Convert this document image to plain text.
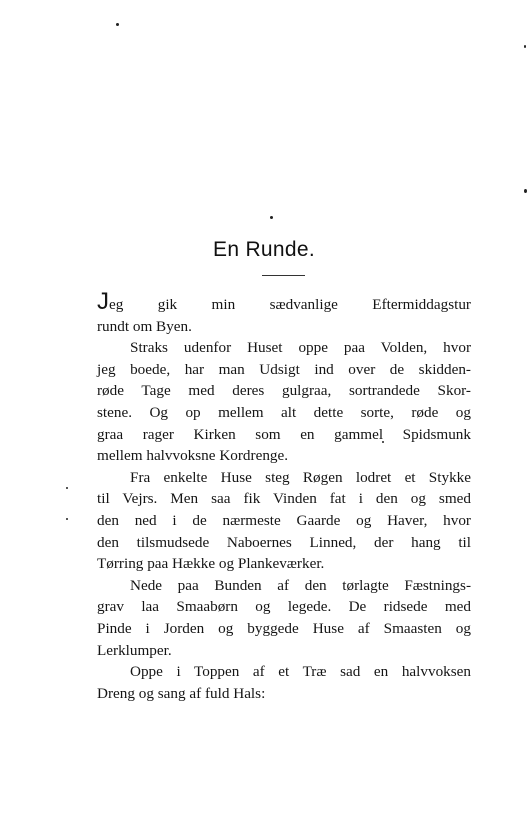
En Runde.

Jeg gik min sædvanlige Eftermiddagstur
rundt om Byen.

Straks udenfor Huset oppe paa Volden, hvor
jeg boede, har man Udsigt ind over de skidden-
røde Tage med deres gulgraa, sortrandede Skor-
stene. Og op mellem alt dette sorte, røde og
graa rager Kirken som en gammel Spidsmunk
mellem halvvoksne Kordrenge.

Fra enkelte Huse steg Røgen lodret et Stykke
til Vejrs. Men saa fik Vinden fat i den og smed
den ned i de nærmeste Gaarde og Haver, hvor
den tilsmudsede Naboernes Linned, der hang til
Tørring paa Hække og Plankeværker.

Nede paa Bunden af den tørlagte Fæstnings-
grav laa Smaabørn og legede. De ridsede med
Pinde i Jorden og byggede Huse af Smaasten og
Lerklumper.

Oppe i Toppen af et Træ sad en halvvoksen
Dreng og sang af fuld Hals:
